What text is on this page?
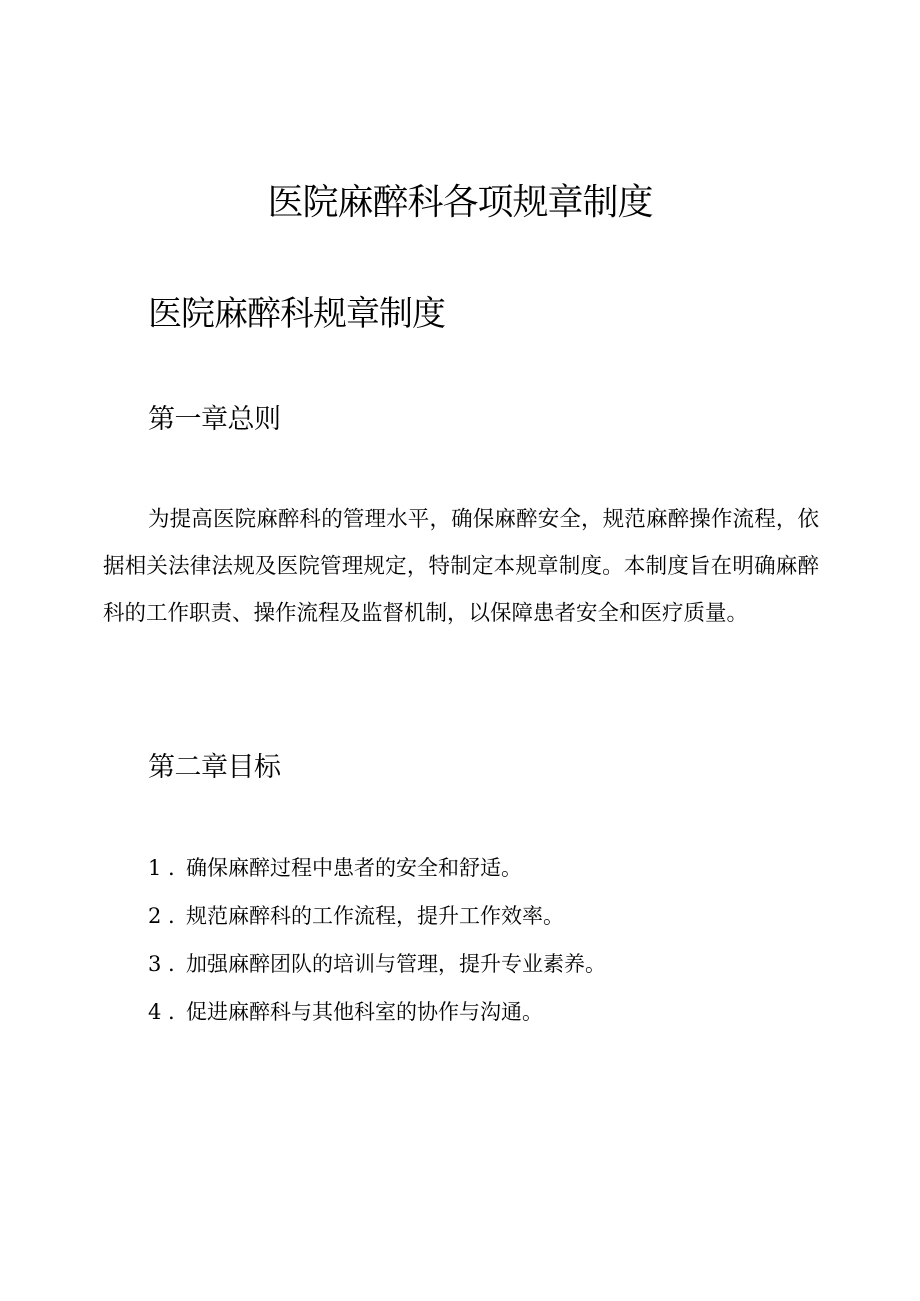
医院麻醉科各项规章制度
医院麻醉科规章制度
第一章总则

为提高医院麻醉科的管理水平，确保麻醉安全，规范麻醉操作流程，依据相关法律法规及医院管理规定，特制定本规章制度。本制度旨在明确麻醉科的工作职责、操作流程及监督机制，以保障患者安全和医疗质量。

第二章目标
1 . 确保麻醉过程中患者的安全和舒适。
2 . 规范麻醉科的工作流程，提升工作效率。
3 . 加强麻醉团队的培训与管理，提升专业素养。
4 . 促进麻醉科与其他科室的协作与沟通。
